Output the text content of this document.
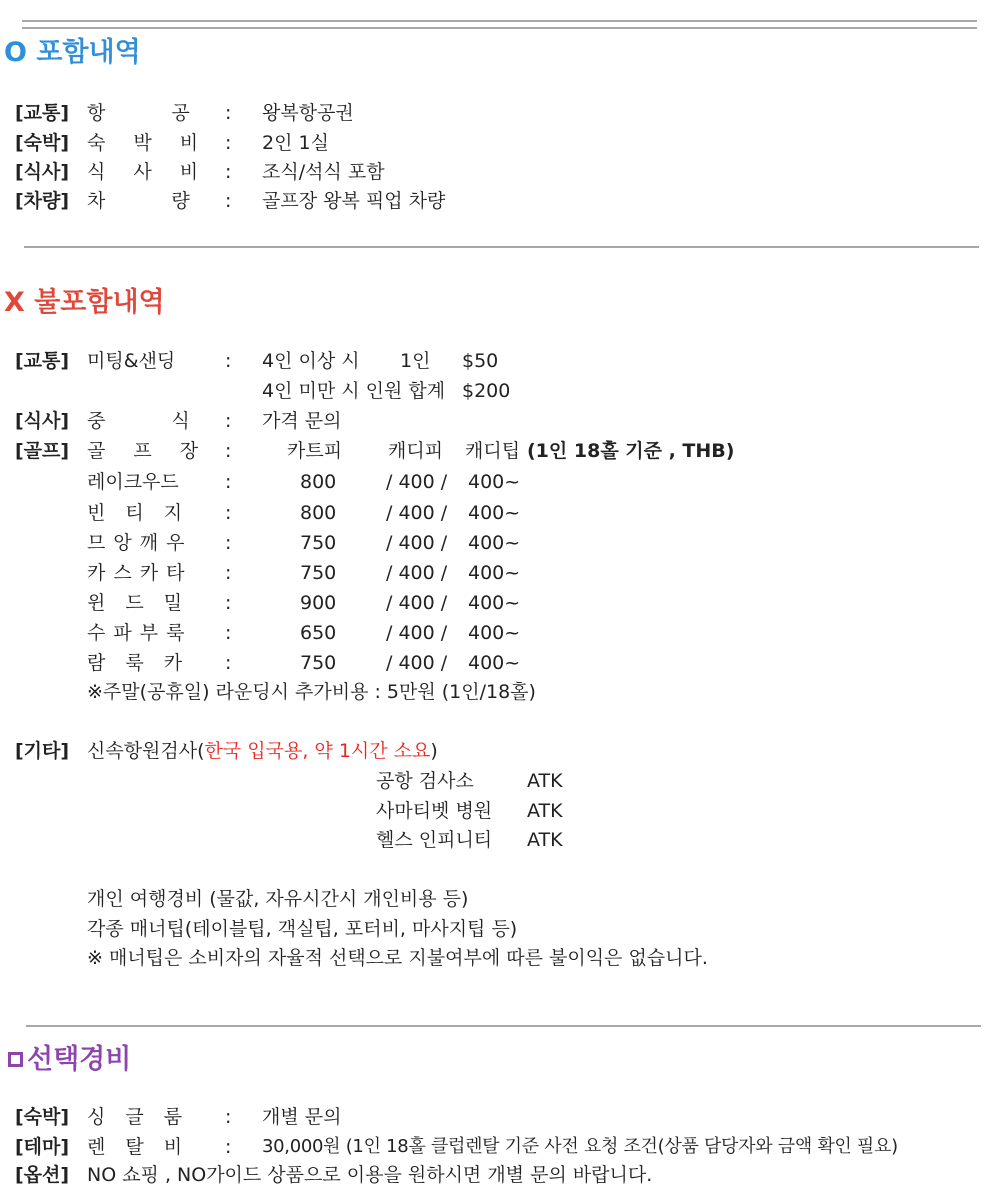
O 포함내역
[교통] 항 공 : 왕복항공권
[숙박] 숙 박 비 : 2인 1실
[식사] 식 사 비 : 조식/석식 포함
[차량] 차 량 : 골프장 왕복 픽업 차량
X 불포함내역
[교통] 미팅&샌딩	: 4인 이상 시 1인 $50
4인 미만 시 인원 합계 $200
[식사] 중 식 : 가격 문의
[골프] 골 프 장 :	카트피 캐디피 캐디팁 (1인 18홀 기준 , THB)
레이크우드 :	800	/ 400 / 400~
빈 티 지 :	800	/ 400 / 400~
므 앙 깨 우 :	750	/ 400 / 400~
카 스 카 타 :	750	/ 400 / 400~
윈 드 밀 :	900	/ 400 / 400~
수 파 부 룩 :	650	/ 400 / 400~
람 룩 카 :	750	/ 400 / 400~
※주말(공휴일) 라운딩시 추가비용 : 5만원 (1인/18홀)
[기타] 신속항원검사(한국 입국용, 약 1시간 소요)
공항 검사소	ATK
사마티벳 병원 ATK
헬스 인피니티 ATK
개인 여행경비 (물값, 자유시간시 개인비용 등)
각종 매너팁(테이블팁, 객실팁, 포터비, 마사지팁 등)
※ 매너팁은 소비자의 자율적 선택으로 지불여부에 따른 불이익은 없습니다.
선택경비
[숙박] 싱 글 룸 : 개별 문의
[테마] 렌 탈 비 : 30,000원 (1인 18홀 클럽렌탈 기준 사전 요청 조건(상품 담당자와 금액 확인 필요)
[옵션] NO 쇼핑 , NO가이드 상품으로 이용을 원하시면 개별 문의 바랍니다.
